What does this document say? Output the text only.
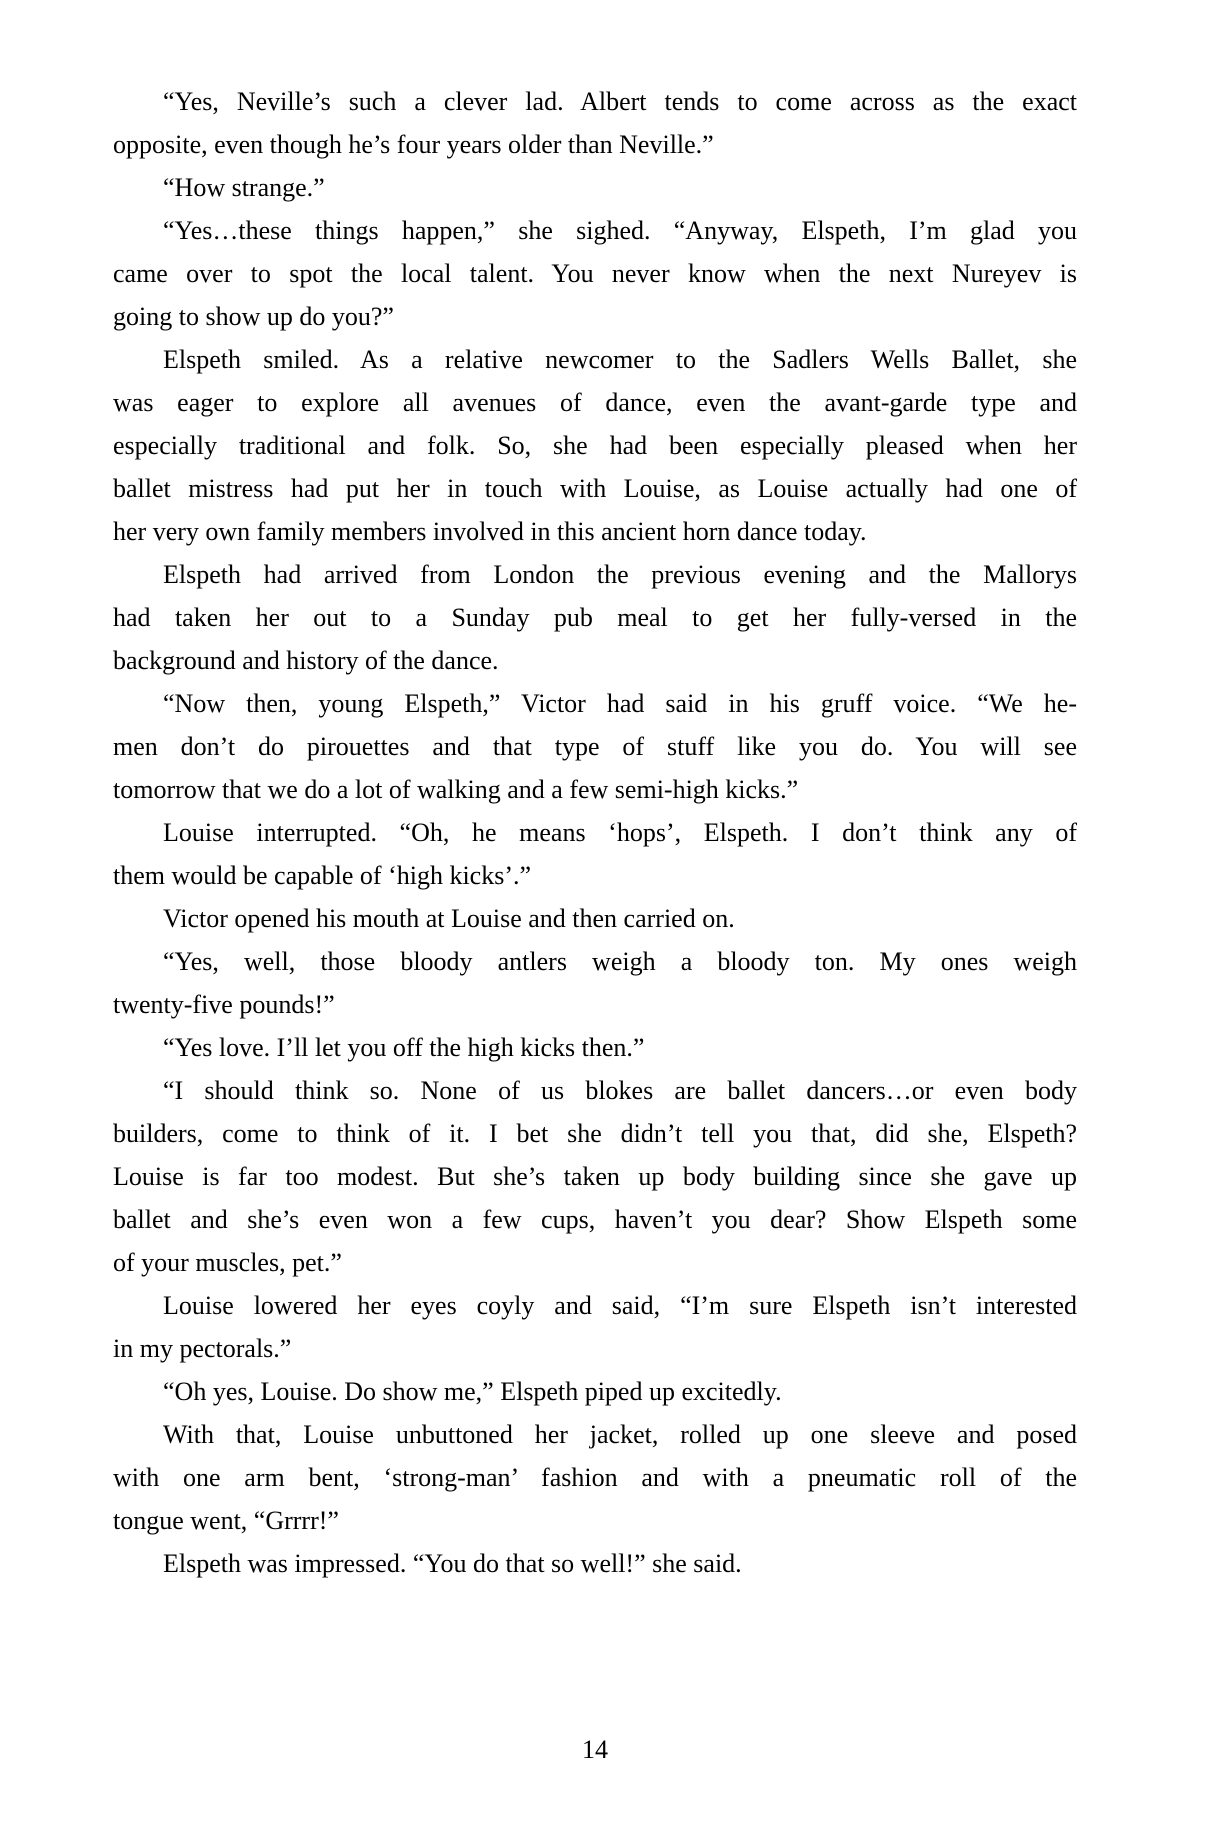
“Yes, Neville’s such a clever lad. Albert tends to come across as the exact
opposite, even though he’s four years older than Neville.”
“How strange.”
“Yes…these things happen,” she sighed. “Anyway, Elspeth, I’m glad you
came over to spot the local talent. You never know when the next Nureyev is
going to show up do you?”
Elspeth smiled. As a relative newcomer to the Sadlers Wells Ballet, she
was eager to explore all avenues of dance, even the avant-garde type and
especially traditional and folk. So, she had been especially pleased when her
ballet mistress had put her in touch with Louise, as Louise actually had one of
her very own family members involved in this ancient horn dance today.
Elspeth had arrived from London the previous evening and the Mallorys
had taken her out to a Sunday pub meal to get her fully-versed in the
background and history of the dance.
“Now then, young Elspeth,” Victor had said in his gruff voice. “We he-
men don’t do pirouettes and that type of stuff like you do. You will see
tomorrow that we do a lot of walking and a few semi-high kicks.”
Louise interrupted. “Oh, he means ‘hops’, Elspeth. I don’t think any of
them would be capable of ‘high kicks’.”
Victor opened his mouth at Louise and then carried on.
“Yes, well, those bloody antlers weigh a bloody ton. My ones weigh
twenty-five pounds!”
“Yes love. I’ll let you off the high kicks then.”
“I should think so. None of us blokes are ballet dancers…or even body
builders, come to think of it. I bet she didn’t tell you that, did she, Elspeth?
Louise is far too modest. But she’s taken up body building since she gave up
ballet and she’s even won a few cups, haven’t you dear? Show Elspeth some
of your muscles, pet.”
Louise lowered her eyes coyly and said, “I’m sure Elspeth isn’t interested
in my pectorals.”
“Oh yes, Louise. Do show me,” Elspeth piped up excitedly.
With that, Louise unbuttoned her jacket, rolled up one sleeve and posed
with one arm bent, ‘strong-man’ fashion and with a pneumatic roll of the
tongue went, “Grrrr!”
Elspeth was impressed. “You do that so well!” she said.
14
